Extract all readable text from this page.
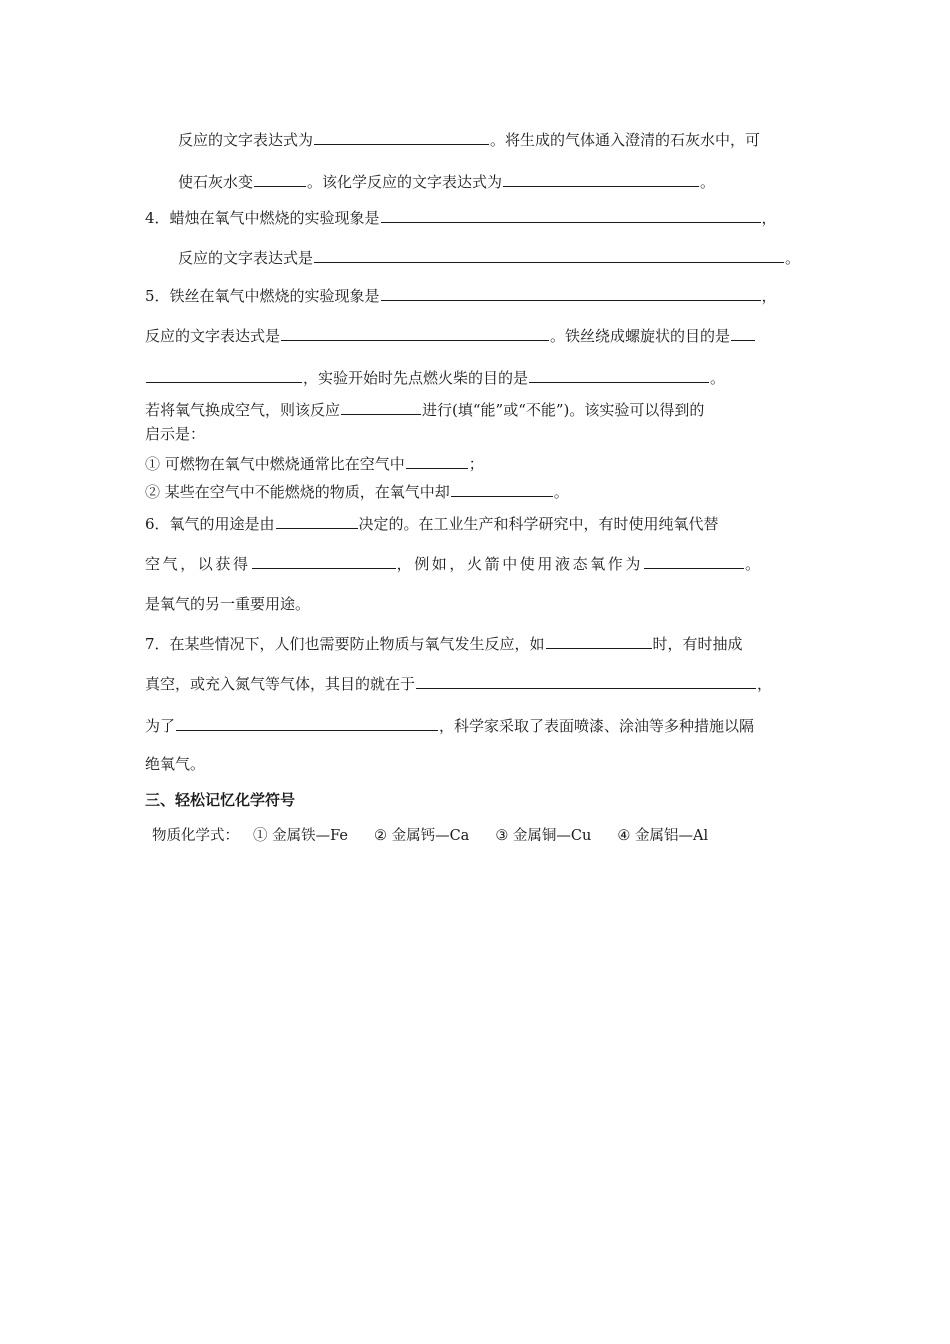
反应的文字表达式为	。将生成的气体通入澄清的石灰水中，可
使石灰水变	。该化学反应的文字表达式为	。
4．蜡烛在氧气中燃烧的实验现象是	，
反应的文字表达式是	。
5．铁丝在氧气中燃烧的实验现象是	，
反应的文字表达式是	。铁丝绕成螺旋状的目的是
，实验开始时先点燃火柴的目的是	。
若将氧气换成空气，则该反应	进行(填“能”或“不能”)。该实验可以得到的
启示是：
① 可燃物在氧气中燃烧通常比在空气中	；
② 某些在空气中不能燃烧的物质，在氧气中却	。
6．氧气的用途是由	决定的。在工业生产和科学研究中，有时使用纯氧代替
空气，以获得	，例如，火箭中使用液态氧作为	。
是氧气的另一重要用途。
7．在某些情况下，人们也需要防止物质与氧气发生反应，如	时，有时抽成
真空，或充入氮气等气体，其目的就在于	，
为了	，科学家采取了表面喷漆、涂油等多种措施以隔
绝氧气。
三、轻松记忆化学符号
物质化学式： ① 金属铁—Fe ② 金属钙—Ca ③ 金属铜—Cu ④ 金属铝—Al
